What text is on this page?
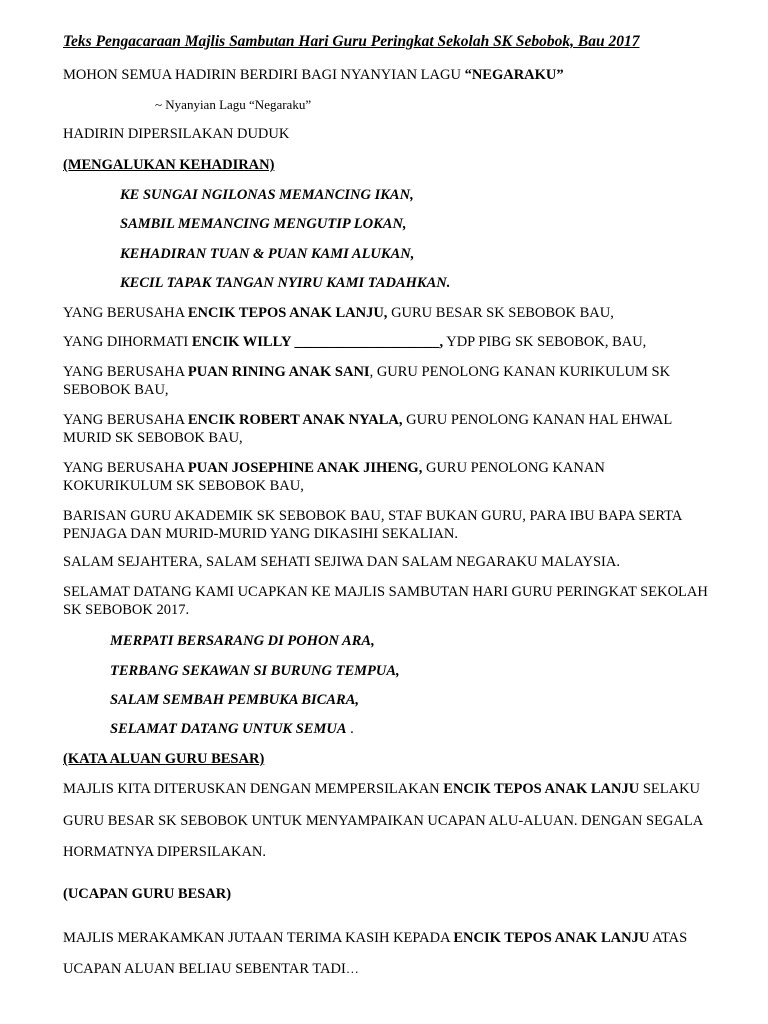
Teks Pengacaraan Majlis Sambutan Hari Guru Peringkat Sekolah SK Sebobok, Bau 2017

MOHON SEMUA HADIRIN BERDIRI BAGI NYANYIAN LAGU “NEGARAKU”

~ Nyanyian Lagu “Negaraku”

HADIRIN DIPERSILAKAN DUDUK

(MENGALUKAN KEHADIRAN)

KE SUNGAI NGILONAS MEMANCING IKAN,

SAMBIL MEMANCING MENGUTIP LOKAN,

KEHADIRAN TUAN & PUAN KAMI ALUKAN,

KECIL TAPAK TANGAN NYIRU KAMI TADAHKAN.

YANG BERUSAHA ENCIK TEPOS ANAK LANJU, GURU BESAR SK SEBOBOK BAU,

YANG DIHORMATI ENCIK WILLY ____________________, YDP PIBG SK SEBOBOK, BAU,

YANG BERUSAHA PUAN RINING ANAK SANI, GURU PENOLONG KANAN KURIKULUM SK SEBOBOK BAU,

YANG BERUSAHA ENCIK ROBERT ANAK NYALA, GURU PENOLONG KANAN HAL EHWAL MURID SK SEBOBOK BAU,

YANG BERUSAHA PUAN JOSEPHINE ANAK JIHENG, GURU PENOLONG KANAN KOKURIKULUM SK SEBOBOK BAU,

BARISAN GURU AKADEMIK SK SEBOBOK BAU, STAF BUKAN GURU, PARA IBU BAPA SERTA PENJAGA DAN MURID-MURID YANG DIKASIHI SEKALIAN.

SALAM SEJAHTERA, SALAM SEHATI SEJIWA DAN SALAM NEGARAKU MALAYSIA.

SELAMAT DATANG KAMI UCAPKAN KE MAJLIS SAMBUTAN HARI GURU PERINGKAT SEKOLAH SK SEBOBOK 2017.

MERPATI BERSARANG DI POHON ARA,

TERBANG SEKAWAN SI BURUNG TEMPUA,

SALAM SEMBAH PEMBUKA BICARA,

SELAMAT DATANG UNTUK SEMUA .

(KATA ALUAN GURU BESAR)

MAJLIS KITA DITERUSKAN DENGAN MEMPERSILAKAN ENCIK TEPOS ANAK LANJU SELAKU

GURU BESAR SK SEBOBOK UNTUK MENYAMPAIKAN UCAPAN ALU-ALUAN. DENGAN SEGALA

HORMATNYA DIPERSILAKAN.

(UCAPAN GURU BESAR)

MAJLIS MERAKAMKAN JUTAAN TERIMA KASIH KEPADA ENCIK TEPOS ANAK LANJU ATAS

UCAPAN ALUAN BELIAU SEBENTAR TADI…
